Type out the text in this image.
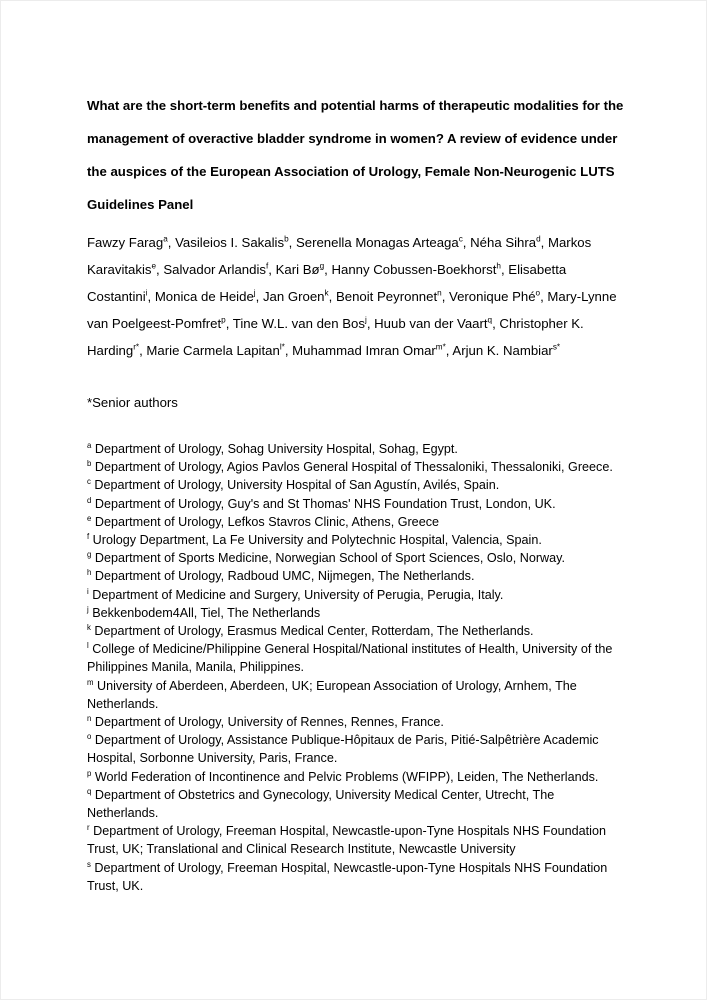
What are the short-term benefits and potential harms of therapeutic modalities for the management of overactive bladder syndrome in women? A review of evidence under the auspices of the European Association of Urology, Female Non-Neurogenic LUTS Guidelines Panel

Fawzy Farag$^a$, Vasileios I. Sakalis$^b$, Serenella Monagas Arteaga$^c$, Néha Sihra$^d$, Markos Karavitakis$^e$, Salvador Arlandis$^f$, Kari $Bø^g$, Hanny Cobussen-Boekhorst$^h$, Elisabetta Costantini$^i$, Monica de Heide$^j$, Jan Groen$^k$, Benoit Peyronnet$^n$, Veronique Phé$^o$, Mary-Lynne van Poelgeest-Pomfret$^p$, Tine W.L. van den Bos$^j$, Huub van der Vaart$^q$, Christopher K. Harding$^{r*}$, Marie Carmela Lapitan$^{l*}$, Muhammad Imran Omar$^{m*}$, Arjun K. Nambiar$^{s*}$

*Senior authors

$^a$ Department of Urology, Sohag University Hospital, Sohag, Egypt.

$^b$ Department of Urology, Agios Pavlos General Hospital of Thessaloniki, Thessaloniki, Greece.

$^c$ Department of Urology, University Hospital of San Agustín, Avilés, Spain.

$^d$ Department of Urology, Guy's and St Thomas' NHS Foundation Trust, London, UK.

$^e$ Department of Urology, Lefkos Stavros Clinic, Athens, Greece

$^f$ Urology Department, La Fe University and Polytechnic Hospital, Valencia, Spain.

$^g$ Department of Sports Medicine, Norwegian School of Sport Sciences, Oslo, Norway.

$^h$ Department of Urology, Radboud UMC, Nijmegen, The Netherlands.

$^i$ Department of Medicine and Surgery, University of Perugia, Perugia, Italy.

$^j$ Bekkenbodem4All, Tiel, The Netherlands

$^k$ Department of Urology, Erasmus Medical Center, Rotterdam, The Netherlands.

$^l$ College of Medicine/Philippine General Hospital/National institutes of Health, University of the Philippines Manila, Manila, Philippines.

$^m$ University of Aberdeen, Aberdeen, UK; European Association of Urology, Arnhem, The Netherlands.

$^n$ Department of Urology, University of Rennes, Rennes, France.

$^o$ Department of Urology, Assistance Publique-Hôpitaux de Paris, Pitié-Salpêtrière Academic Hospital, Sorbonne University, Paris, France.

$^p$ World Federation of Incontinence and Pelvic Problems (WFIPP), Leiden, The Netherlands.

$^q$ Department of Obstetrics and Gynecology, University Medical Center, Utrecht, The Netherlands.

$^r$ Department of Urology, Freeman Hospital, Newcastle-upon-Tyne Hospitals NHS Foundation Trust, UK; Translational and Clinical Research Institute, Newcastle University

$^s$ Department of Urology, Freeman Hospital, Newcastle-upon-Tyne Hospitals NHS Foundation Trust, UK.
